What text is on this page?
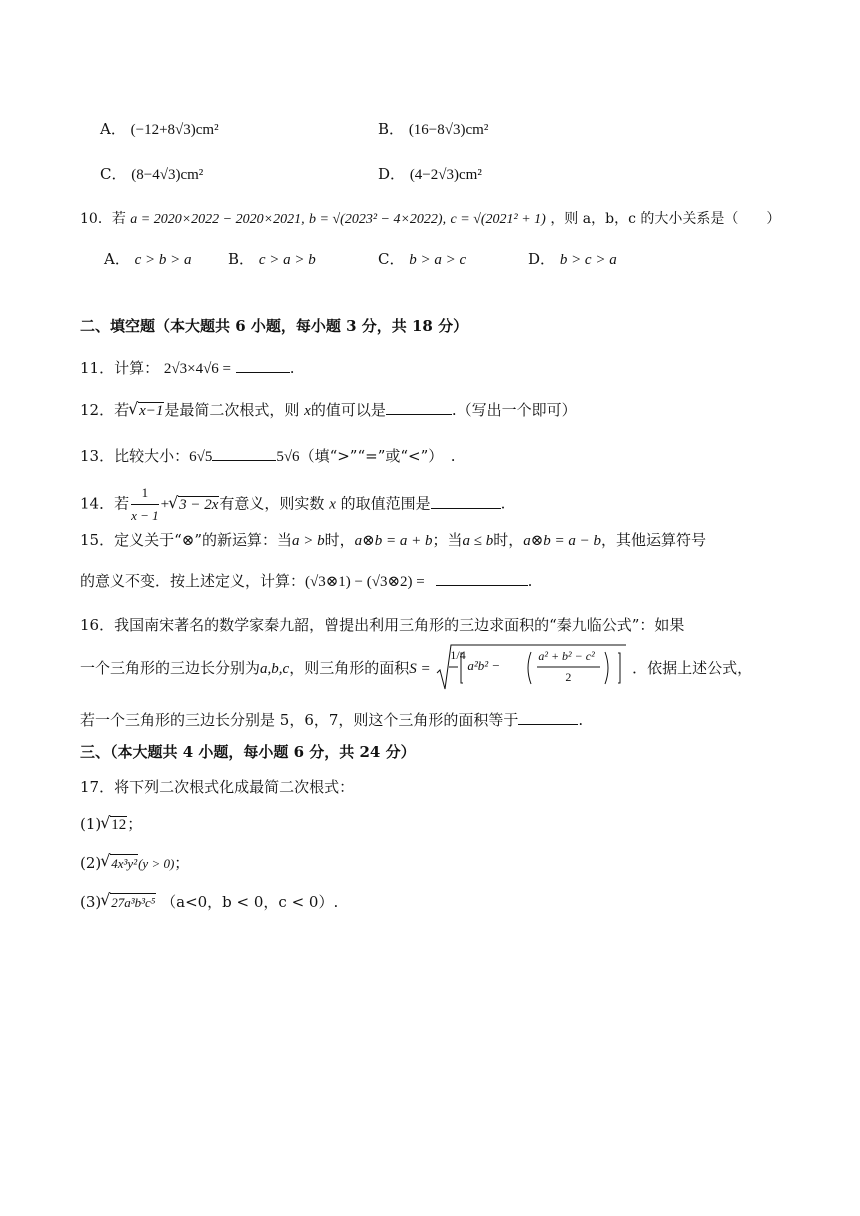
A． (−12+8√3)cm²	B． (16−8√3)cm²
C． (8−4√3)cm²	D． (4−2√3)cm²
10．若 a = 2020×2022 − 2020×2021, b = √(2023² − 4×2022), c = √(2021² + 1) ，则 a，b，c 的大小关系是（　　）
A． c > b > a B． c > a > b	C． b > a > c	D． b > c > a
二、填空题（本大题共 6 小题，每小题 3 分，共 18 分）
11．计算： 2√3×4√6 =	.
12．若 √ x−1是最简二次根式，则 x的值可以是	.（写出一个即可）
13．比较大小：6√5	5√6（填“>”“=”或“<”）　.
14．若 $\frac{1}{x - 1}$ + √ 3 − 2x有意义，则实数 x 的取值范围是	.
15．定义关于“⊗”的新运算：当a > b时，a⊗b = a + b；当a ≤ b时，a⊗b = a − b，其他运算符号
的意义不变．按上述定义，计算：(√3⊗1) − (√3⊗2) =	.
16．我国南宋著名的数学家秦九韶，曾提出利用三角形的三边求面积的“秦九临公式”：如果
一个三角形的三边长分别为a,b,c，则三角形的面积S =
1/4
a²b² −
a² + b² − c²
2	．依据上述公式，
若一个三角形的三边长分别是 5，6，7，则这个三角形的面积等于	.
三、（本大题共 4 小题，每小题 6 分，共 24 分）
17．将下列二次根式化成最简二次根式：
(1) √ 12；
(2) √ 4x³y²(y > 0)；
(3) √ 27a³b³c⁵ （a<0，b < 0，c < 0）.
